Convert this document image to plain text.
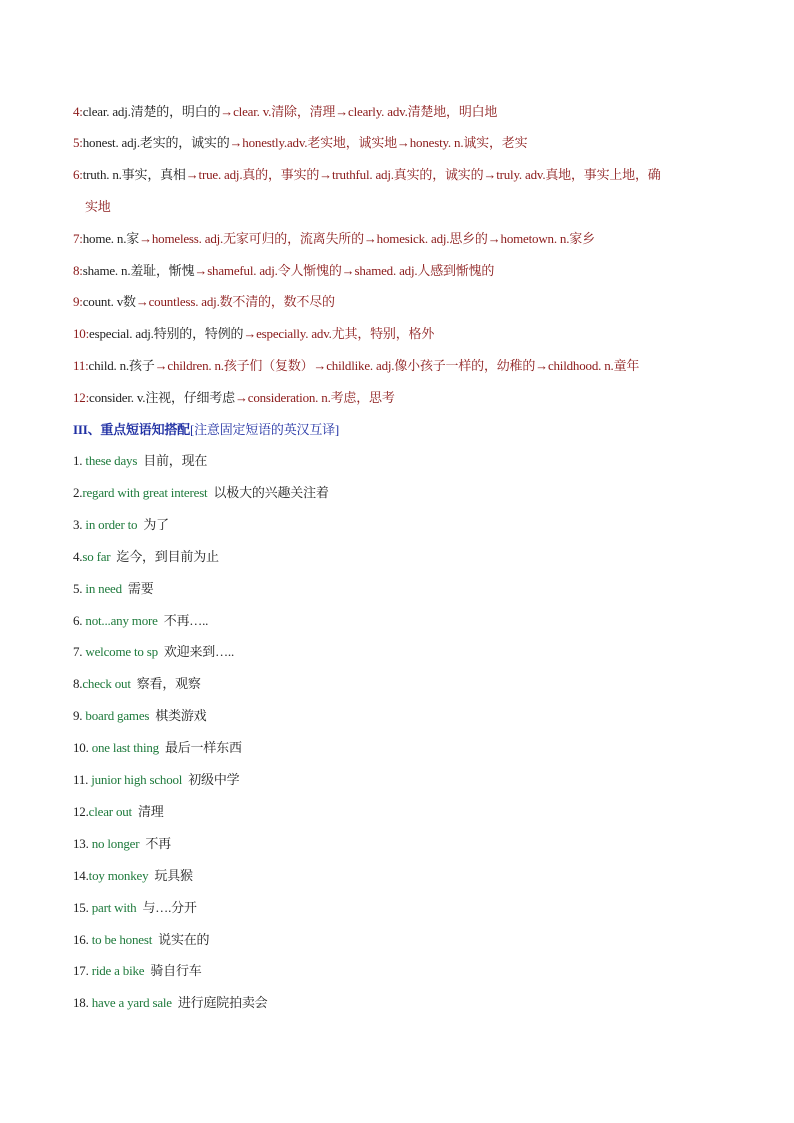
4:clear. adj.清楚的，明白的→clear. v.清除，清理→clearly. adv.清楚地，明白地
5:honest. adj.老实的，诚实的→honestly.adv.老实地，诚实地→honesty. n.诚实，老实
6:truth. n.事实，真相→true. adj.真的，事实的→truthful. adj.真实的，诚实的→truly. adv.真地，事实上地，确
实地
7:home. n.家→homeless. adj.无家可归的，流离失所的→homesick. adj.思乡的→hometown. n.家乡
8:shame. n.羞耻，惭愧→shameful. adj.令人惭愧的→shamed. adj.人感到惭愧的
9:count. v数→countless. adj.数不清的，数不尽的
10:especial. adj.特别的，特例的→especially. adv.尤其，特别，格外
11:child. n.孩子→children. n.孩子们（复数）→childlike. adj.像小孩子一样的，幼稚的→childhood. n.童年
12:consider. v.注视，仔细考虑→consideration. n.考虑，思考
III、重点短语知搭配[注意固定短语的英汉互译]
1. these days 目前，现在
2.regard with great interest 以极大的兴趣关注着
3. in order to 为了
4.so far 迄今，到目前为止
5. in need 需要
6. not...any more 不再…..
7. welcome to sp 欢迎来到…..
8.check out 察看，观察
9. board games 棋类游戏
10. one last thing 最后一样东西
11. junior high school 初级中学
12.clear out 清理
13. no longer 不再
14.toy monkey 玩具猴
15. part with 与….分开
16. to be honest 说实在的
17. ride a bike 骑自行车
18. have a yard sale 进行庭院拍卖会
